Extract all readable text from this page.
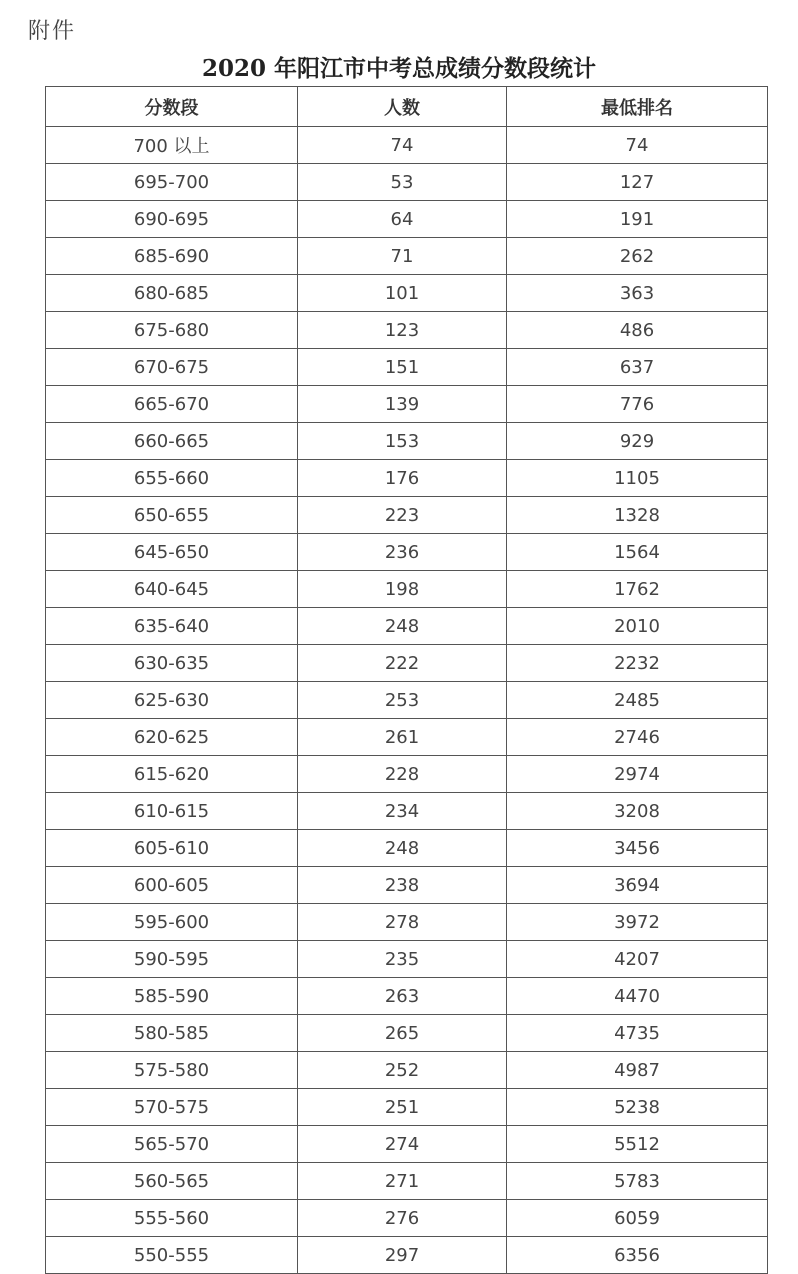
附件
2020 年阳江市中考总成绩分数段统计
分数段	人数	最低排名
700 以上	74	74
695-700	53	127
690-695	64	191
685-690	71	262
680-685	101	363
675-680	123	486
670-675	151	637
665-670	139	776
660-665	153	929
655-660	176	1105
650-655	223	1328
645-650	236	1564
640-645	198	1762
635-640	248	2010
630-635	222	2232
625-630	253	2485
620-625	261	2746
615-620	228	2974
610-615	234	3208
605-610	248	3456
600-605	238	3694
595-600	278	3972
590-595	235	4207
585-590	263	4470
580-585	265	4735
575-580	252	4987
570-575	251	5238
565-570	274	5512
560-565	271	5783
555-560	276	6059
550-555	297	6356
